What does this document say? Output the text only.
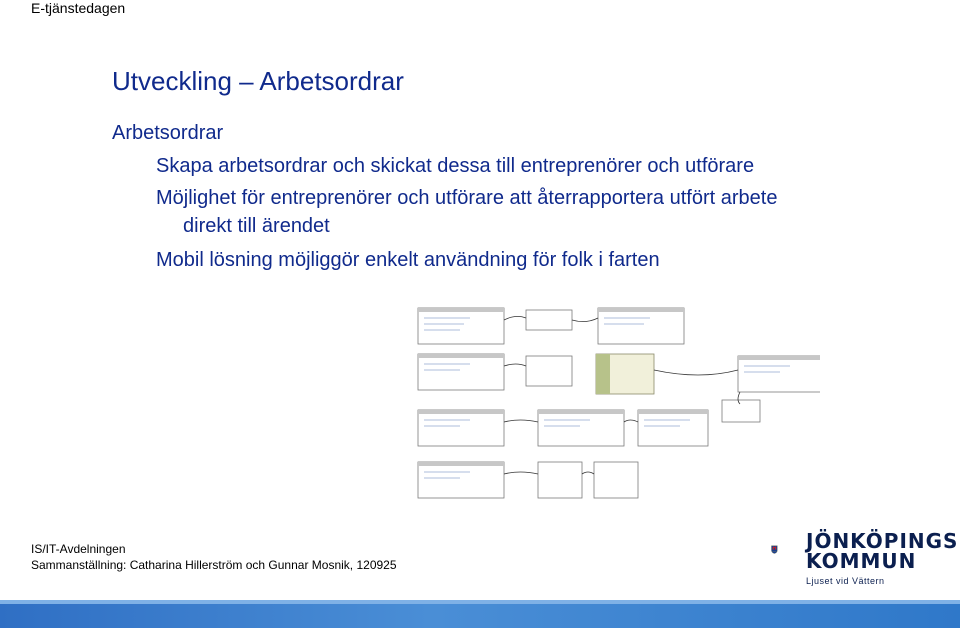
E-tjänstedagen
Utveckling – Arbetsordrar
Arbetsordrar

Skapa arbetsordrar och skickat dessa till entreprenörer och utförare

Möjlighet för entreprenörer och utförare att återrapportera utfört arbete
direkt till ärendet

Mobil lösning möjliggör enkelt användning för folk i farten

IS/IT-Avdelningen
Sammanställning: Catharina Hillerström och Gunnar Mosnik, 120925
JÖNKÖPINGS
KOMMUN
Ljuset vid Vättern
